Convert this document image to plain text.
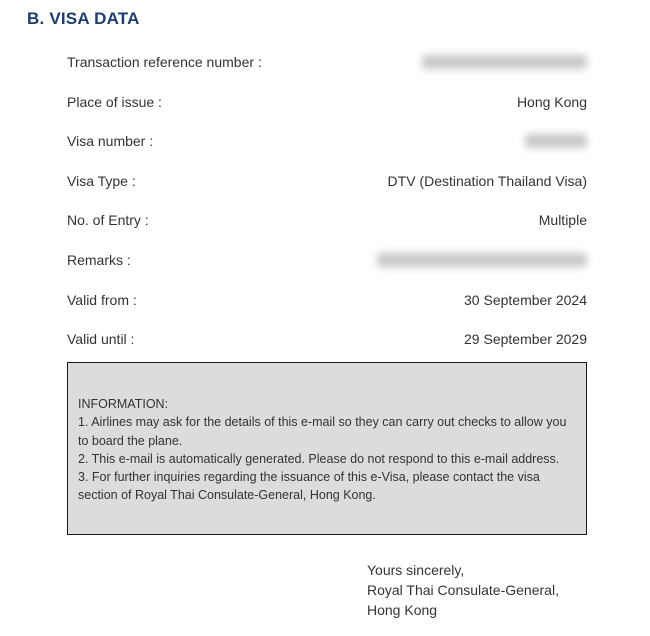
B. VISA DATA
Transaction reference number :
Place of issue :	Hong Kong
Visa number :
Visa Type :	DTV (Destination Thailand Visa)
No. of Entry :	Multiple
Remarks :
Valid from :	30 September 2024
Valid until :	29 September 2029
INFORMATION:
1. Airlines may ask for the details of this e-mail so they can carry out checks to allow you to board the plane.
2. This e-mail is automatically generated. Please do not respond to this e-mail address.
3. For further inquiries regarding the issuance of this e-Visa, please contact the visa section of Royal Thai Consulate-General, Hong Kong.
Yours sincerely,
Royal Thai Consulate-General,
Hong Kong
